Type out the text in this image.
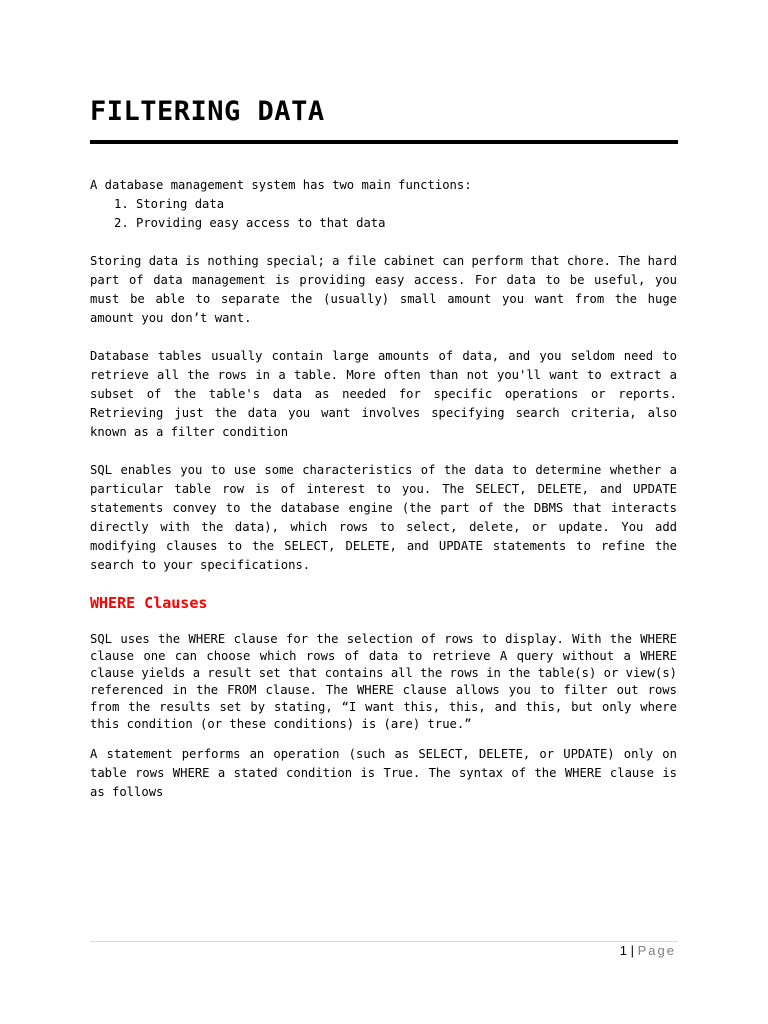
FILTERING DATA

A database management system has two main functions:

1. Storing data
2. Providing easy access to that data

Storing data is nothing special; a file cabinet can perform that chore. The hard part of data management is providing easy access. For data to be useful, you must be able to separate the (usually) small amount you want from the huge amount you don’t want.

Database tables usually contain large amounts of data, and you seldom need to retrieve all the rows in a table. More often than not you'll want to extract a subset of the table's data as needed for specific operations or reports. Retrieving just the data you want involves specifying search criteria, also known as a filter condition

SQL enables you to use some characteristics of the data to determine whether a particular table row is of interest to you. The SELECT, DELETE, and UPDATE statements convey to the database engine (the part of the DBMS that interacts directly with the data), which rows to select, delete, or update. You add modifying clauses to the SELECT, DELETE, and UPDATE statements to refine the search to your specifications.

WHERE Clauses

SQL uses the WHERE clause for the selection of rows to display. With the WHERE clause one can choose which rows of data to retrieve A query without a WHERE clause yields a result set that contains all the rows in the table(s) or view(s) referenced in the FROM clause. The WHERE clause allows you to filter out rows from the results set by stating, “I want this, this, and this, but only where this condition (or these conditions) is (are) true.”

A statement performs an operation (such as SELECT, DELETE, or UPDATE) only on table rows WHERE a stated condition is True. The syntax of the WHERE clause is as follows

1 | Page
